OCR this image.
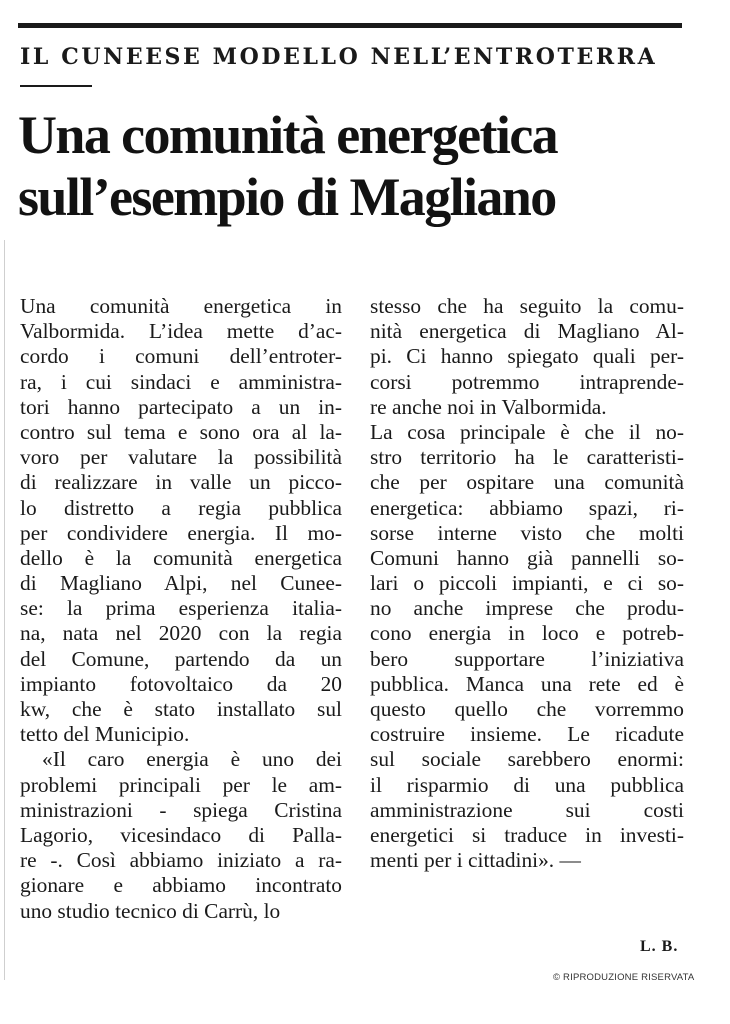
IL CUNEESE MODELLO NELL’ENTROTERRA
Una comunità energetica
sull’esempio di Magliano
Una comunità energetica in
Valbormida. L’idea mette d’ac-
cordo i comuni dell’entroter-
ra, i cui sindaci e amministra-
tori hanno partecipato a un in-
contro sul tema e sono ora al la-
voro per valutare la possibilità
di realizzare in valle un picco-
lo distretto a regia pubblica
per condividere energia. Il mo-
dello è la comunità energetica
di Magliano Alpi, nel Cunee-
se: la prima esperienza italia-
na, nata nel 2020 con la regia
del Comune, partendo da un
impianto fotovoltaico da 20
kw, che è stato installato sul
tetto del Municipio.
«Il caro energia è uno dei
problemi principali per le am-
ministrazioni - spiega Cristina
Lagorio, vicesindaco di Palla-
re -. Così abbiamo iniziato a ra-
gionare e abbiamo incontrato
uno studio tecnico di Carrù, lo
stesso che ha seguito la comu-
nità energetica di Magliano Al-
pi. Ci hanno spiegato quali per-
corsi potremmo intraprende-
re anche noi in Valbormida.
La cosa principale è che il no-
stro territorio ha le caratteristi-
che per ospitare una comunità
energetica: abbiamo spazi, ri-
sorse interne visto che molti
Comuni hanno già pannelli so-
lari o piccoli impianti, e ci so-
no anche imprese che produ-
cono energia in loco e potreb-
bero supportare l’iniziativa
pubblica. Manca una rete ed è
questo quello che vorremmo
costruire insieme. Le ricadute
sul sociale sarebbero enormi:
il risparmio di una pubblica
amministrazione sui costi
energetici si traduce in investi-
menti per i cittadini». —
L. B.
© RIPRODUZIONE RISERVATA
